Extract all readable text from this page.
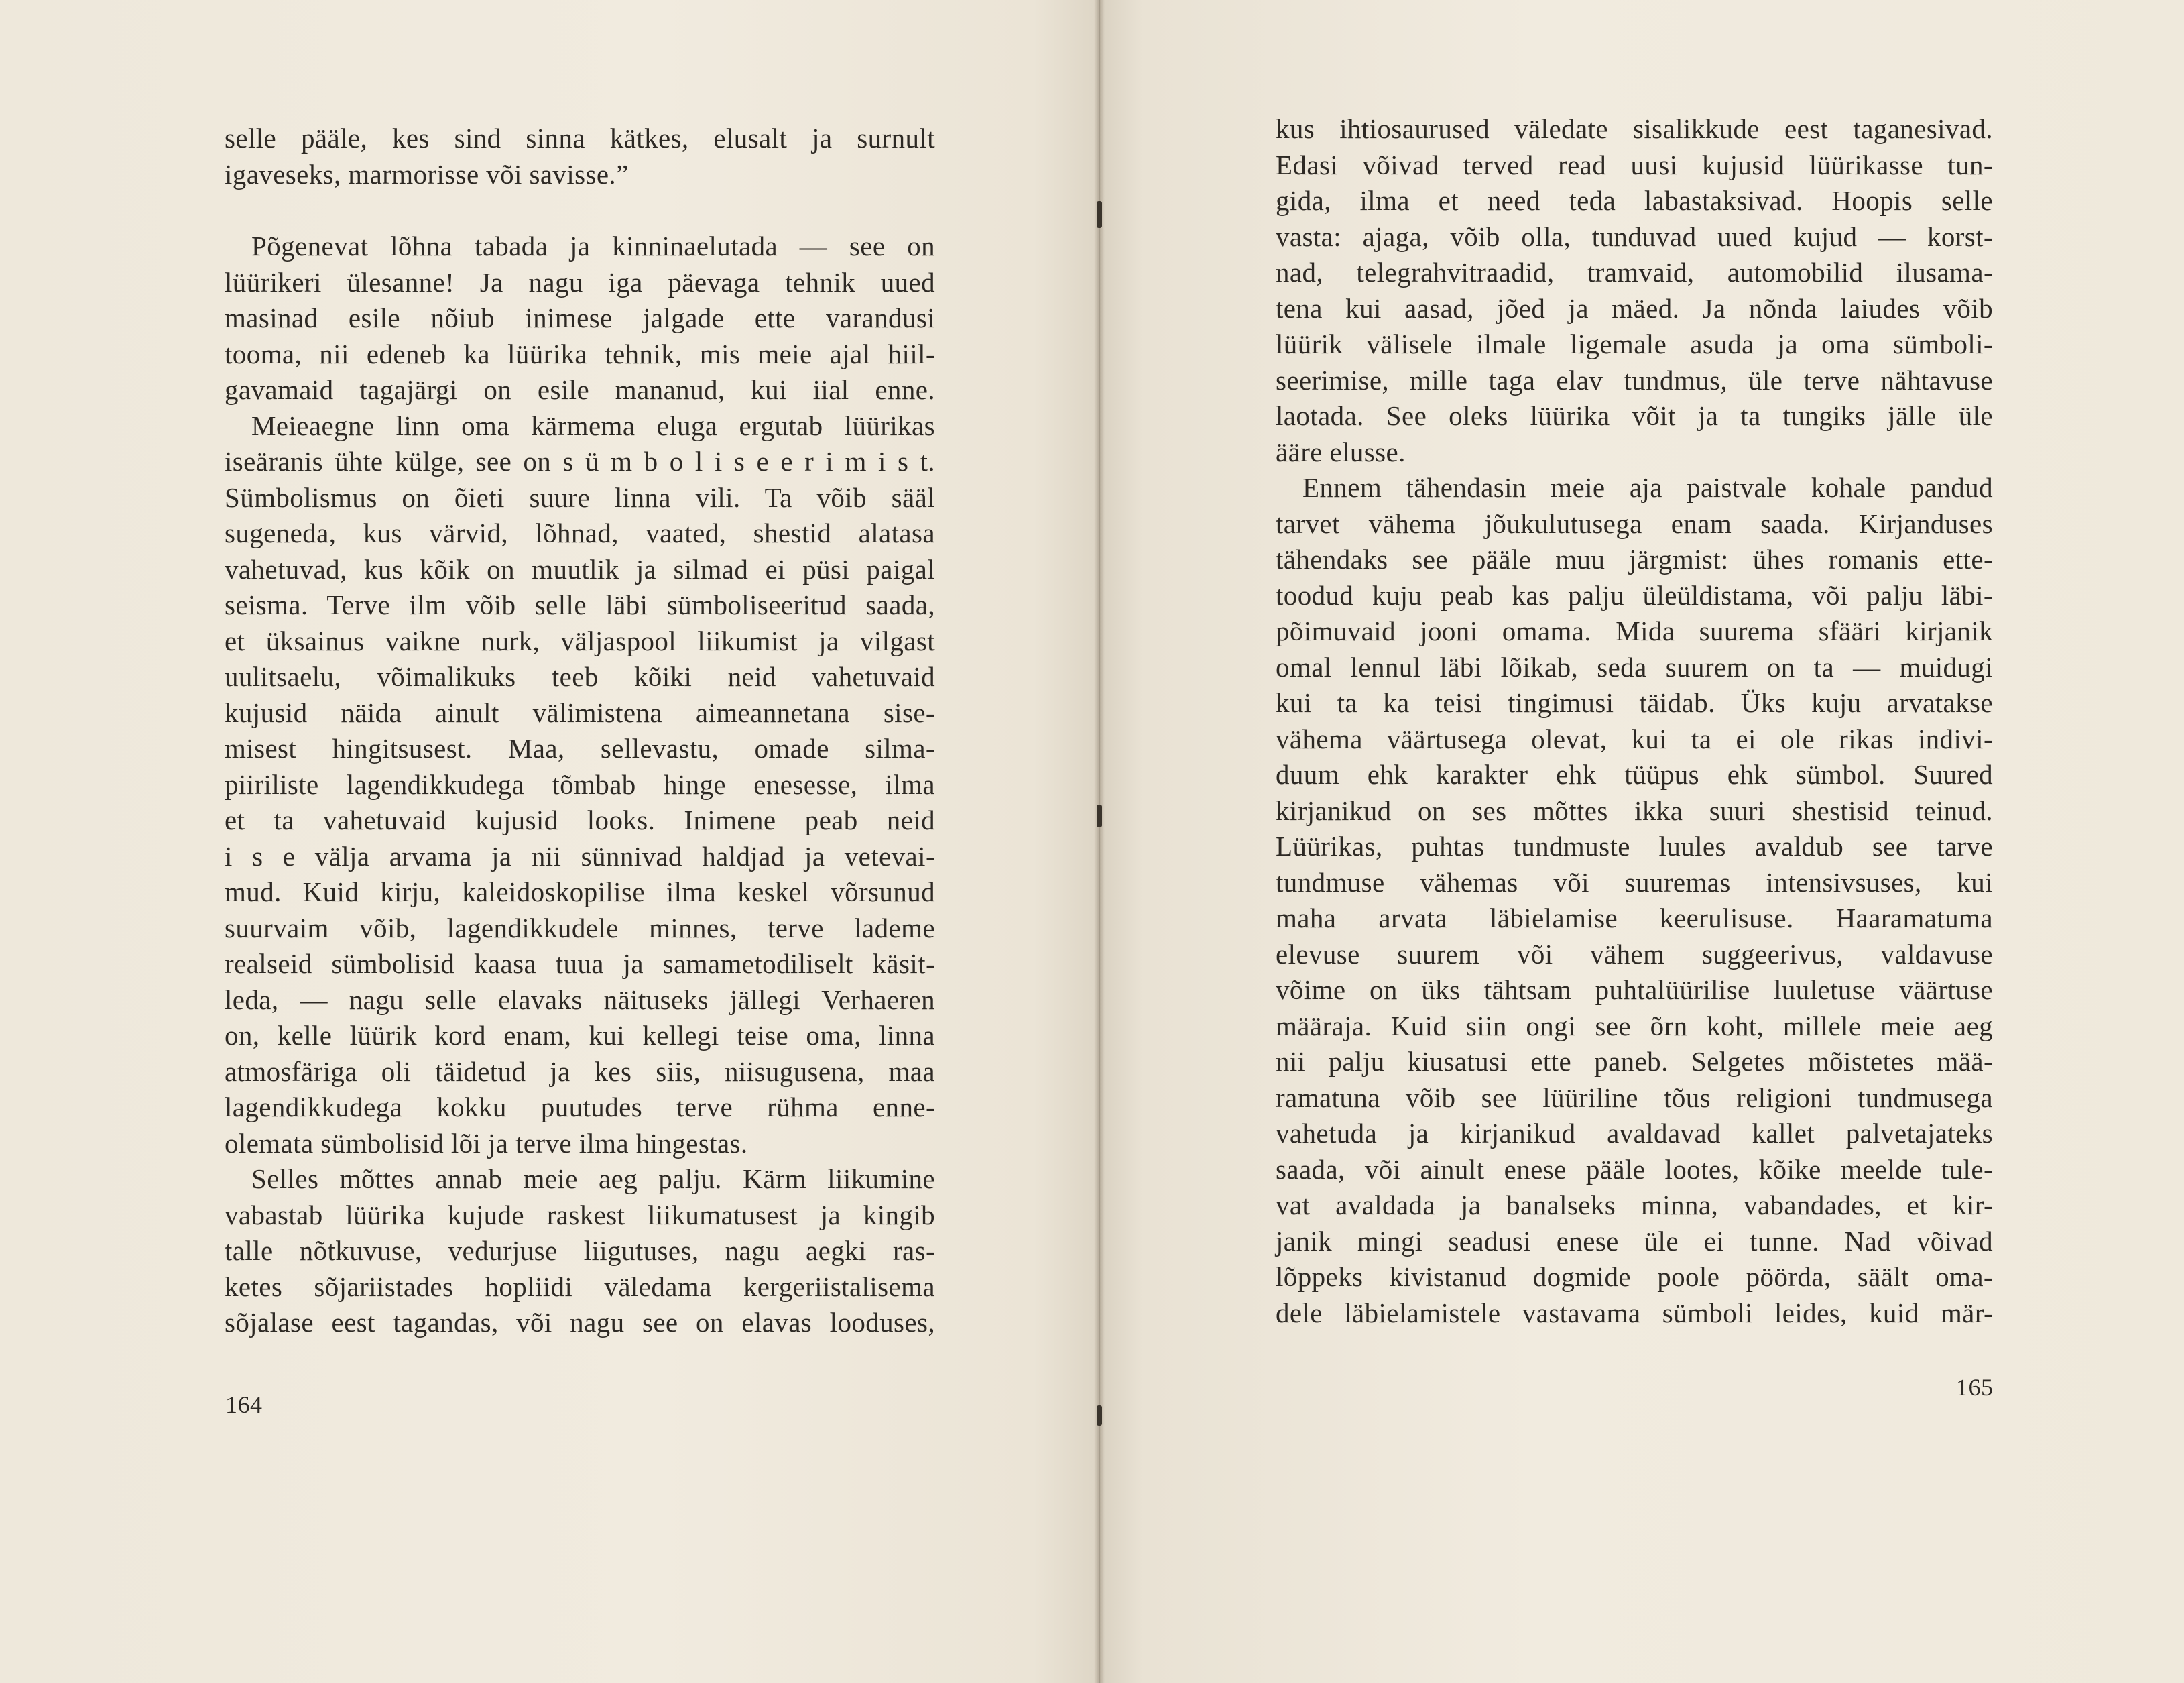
selle pääle, kes sind sinna kätkes, elusalt ja surnult
igaveseks, marmorisse või savisse.”
Põgenevat lõhna tabada ja kinninaelutada — see on
lüürikeri ülesanne! Ja nagu iga päevaga tehnik uued
masinad esile nõiub inimese jalgade ette varandusi
tooma, nii edeneb ka lüürika tehnik, mis meie ajal hiil-
gavamaid tagajärgi on esile mananud, kui iial enne.
Meieaegne linn oma kärmema eluga ergutab lüürikas
iseäranis ühte külge, see on s ü m b o l i s e e r i m i s t.
Sümbolismus on õieti suure linna vili. Ta võib sääl
sugeneda, kus värvid, lõhnad, vaated, shestid alatasa
vahetuvad, kus kõik on muutlik ja silmad ei püsi paigal
seisma. Terve ilm võib selle läbi sümboliseeritud saada,
et üksainus vaikne nurk, väljaspool liikumist ja vilgast
uulitsaelu, võimalikuks teeb kõiki neid vahetuvaid
kujusid näida ainult välimistena aimeannetana sise-
misest hingitsusest. Maa, sellevastu, omade silma-
piiriliste lagendikkudega tõmbab hinge enesesse, ilma
et ta vahetuvaid kujusid looks. Inimene peab neid
i s e välja arvama ja nii sünnivad haldjad ja vetevai-
mud. Kuid kirju, kaleidoskopilise ilma keskel võrsunud
suurvaim võib, lagendikkudele minnes, terve lademe
realseid sümbolisid kaasa tuua ja samametodiliselt käsit-
leda, — nagu selle elavaks näituseks jällegi Verhaeren
on, kelle lüürik kord enam, kui kellegi teise oma, linna
atmosfäriga oli täidetud ja kes siis, niisugusena, maa
lagendikkudega kokku puutudes terve rühma enne-
olemata sümbolisid lõi ja terve ilma hingestas.
Selles mõttes annab meie aeg palju. Kärm liikumine
vabastab lüürika kujude raskest liikumatusest ja kingib
talle nõtkuvuse, vedurjuse liigutuses, nagu aegki ras-
ketes sõjariistades hopliidi väledama kergeriistalisema
sõjalase eest tagandas, või nagu see on elavas looduses,
164
kus ihtiosaurused väledate sisalikkude eest taganesivad.
Edasi võivad terved read uusi kujusid lüürikasse tun-
gida, ilma et need teda labastaksivad. Hoopis selle
vasta: ajaga, võib olla, tunduvad uued kujud — korst-
nad, telegrahvitraadid, tramvaid, automobilid ilusama-
tena kui aasad, jõed ja mäed. Ja nõnda laiudes võib
lüürik välisele ilmale ligemale asuda ja oma sümboli-
seerimise, mille taga elav tundmus, üle terve nähtavuse
laotada. See oleks lüürika võit ja ta tungiks jälle üle
ääre elusse.
Ennem tähendasin meie aja paistvale kohale pandud
tarvet vähema jõukulutusega enam saada. Kirjanduses
tähendaks see pääle muu järgmist: ühes romanis ette-
toodud kuju peab kas palju üleüldistama, või palju läbi-
põimuvaid jooni omama. Mida suurema sfääri kirjanik
omal lennul läbi lõikab, seda suurem on ta — muidugi
kui ta ka teisi tingimusi täidab. Üks kuju arvatakse
vähema väärtusega olevat, kui ta ei ole rikas indivi-
duum ehk karakter ehk tüüpus ehk sümbol. Suured
kirjanikud on ses mõttes ikka suuri shestisid teinud.
Lüürikas, puhtas tundmuste luules avaldub see tarve
tundmuse vähemas või suuremas intensivsuses, kui
maha arvata läbielamise keerulisuse. Haaramatuma
elevuse suurem või vähem suggeerivus, valdavuse
võime on üks tähtsam puhtalüürilise luuletuse väärtuse
määraja. Kuid siin ongi see õrn koht, millele meie aeg
nii palju kiusatusi ette paneb. Selgetes mõistetes mää-
ramatuna võib see lüüriline tõus religioni tundmusega
vahetuda ja kirjanikud avaldavad kallet palvetajateks
saada, või ainult enese pääle lootes, kõike meelde tule-
vat avaldada ja banalseks minna, vabandades, et kir-
janik mingi seadusi enese üle ei tunne. Nad võivad
lõppeks kivistanud dogmide poole pöörda, säält oma-
dele läbielamistele vastavama sümboli leides, kuid mär-
165
